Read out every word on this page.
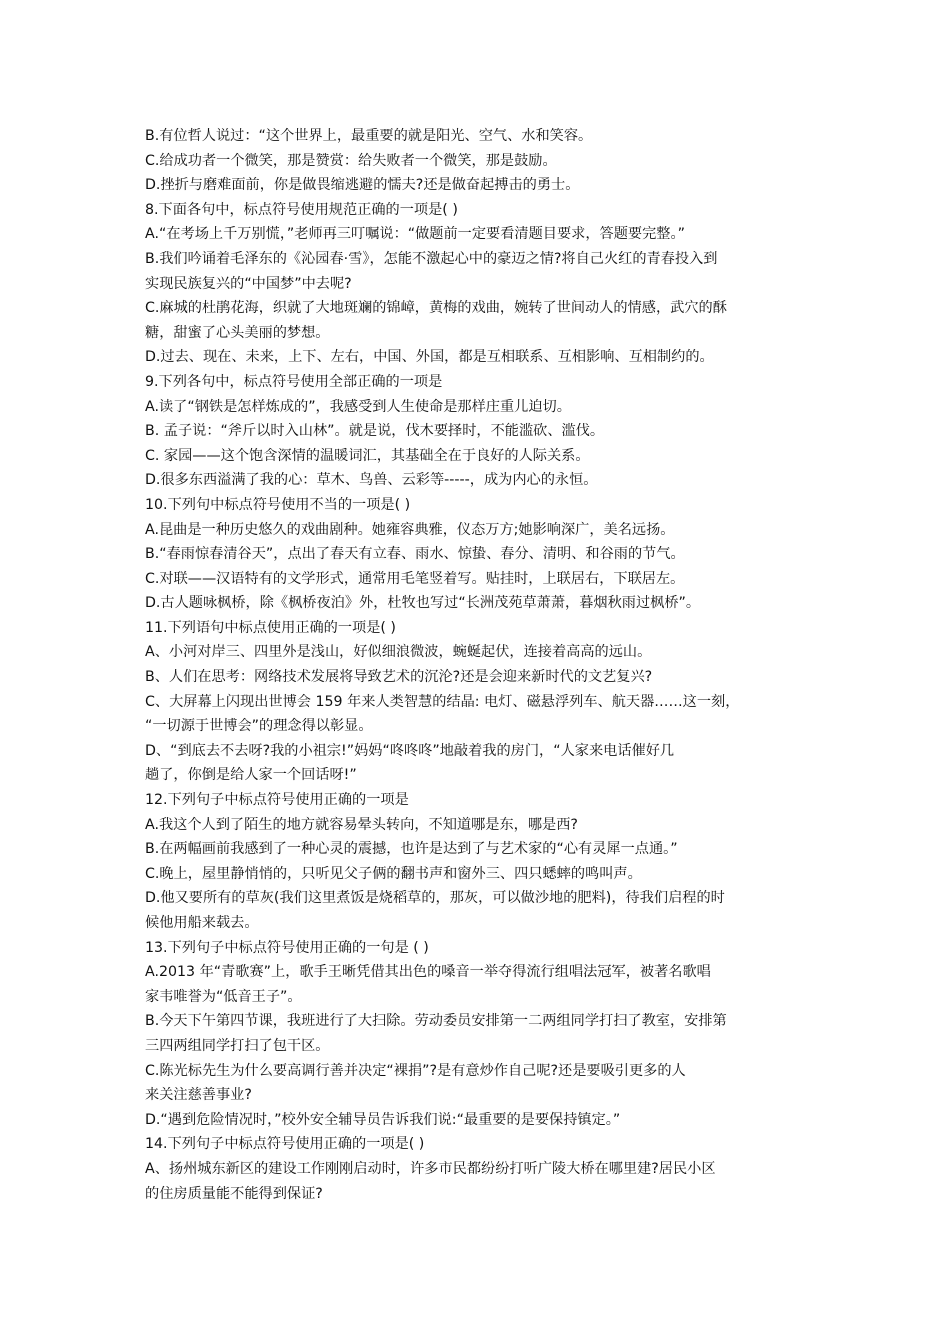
B.有位哲人说过：“这个世界上，最重要的就是阳光、空气、水和笑容。
C.给成功者一个微笑，那是赞赏：给失败者一个微笑，那是鼓励。
D.挫折与磨难面前，你是做畏缩逃避的懦夫?还是做奋起搏击的勇士。
8.下面各句中，标点符号使用规范正确的一项是( )
A.“在考场上千万别慌，”老师再三叮嘱说：“做题前一定要看清题目要求，答题要完整。”
B.我们吟诵着毛泽东的《沁园春·雪》，怎能不激起心中的豪迈之情?将自己火红的青春投入到
实现民族复兴的“中国梦”中去呢?
C.麻城的杜鹃花海，织就了大地斑斓的锦嶂，黄梅的戏曲，婉转了世间动人的情感，武穴的酥
糖，甜蜜了心头美丽的梦想。
D.过去、现在、未来，上下、左右，中国、外国，都是互相联系、互相影响、互相制约的。
9.下列各句中，标点符号使用全部正确的一项是
A.读了“钢铁是怎样炼成的”，我感受到人生使命是那样庄重儿迫切。
B. 孟子说：“斧斤以时入山林”。就是说，伐木要择时，不能滥砍、滥伐。
C. 家园——这个饱含深情的温暖词汇，其基础全在于良好的人际关系。
D.很多东西溢满了我的心：草木、鸟兽、云彩等-----，成为内心的永恒。
10.下列句中标点符号使用不当的一项是( )
A.昆曲是一种历史悠久的戏曲剧种。她雍容典雅，仪态万方;她影响深广，美名远扬。
B.“春雨惊春清谷天”，点出了春天有立春、雨水、惊蛰、春分、清明、和谷雨的节气。
C.对联——汉语特有的文学形式，通常用毛笔竖着写。贴挂时，上联居右，下联居左。
D.古人题咏枫桥，除《枫桥夜泊》外，杜牧也写过“长洲茂苑草萧萧，暮烟秋雨过枫桥”。
11.下列语句中标点使用正确的一项是( )
A、小河对岸三、四里外是浅山，好似细浪微波，蜿蜒起伏，连接着高高的远山。
B、人们在思考：网络技术发展将导致艺术的沉沦?还是会迎来新时代的文艺复兴?
C、大屏幕上闪现出世博会 159 年来人类智慧的结晶: 电灯、磁悬浮列车、航天器……这一刻，
“一切源于世博会”的理念得以彰显。
D、“到底去不去呀?我的小祖宗!”妈妈“咚咚咚”地敲着我的房门，“人家来电话催好几
趟了，你倒是给人家一个回话呀!”
12.下列句子中标点符号使用正确的一项是
A.我这个人到了陌生的地方就容易晕头转向，不知道哪是东，哪是西?
B.在两幅画前我感到了一种心灵的震撼，也许是达到了与艺术家的“心有灵犀一点通。”
C.晚上，屋里静悄悄的，只听见父子俩的翻书声和窗外三、四只蟋蟀的鸣叫声。
D.他又要所有的草灰(我们这里煮饭是烧稻草的，那灰，可以做沙地的肥料)，待我们启程的时
候他用船来载去。
13.下列句子中标点符号使用正确的一句是 ( )
A.2013 年“青歌赛”上，歌手王晰凭借其出色的嗓音一举夺得流行组唱法冠军，被著名歌唱
家韦唯誉为“低音王子”。
B.今天下午第四节课，我班进行了大扫除。劳动委员安排第一二两组同学打扫了教室，安排第
三四两组同学打扫了包干区。
C.陈光标先生为什么要高调行善并决定“裸捐”?是有意炒作自己呢?还是要吸引更多的人
来关注慈善事业?
D.“遇到危险情况时，”校外安全辅导员告诉我们说:“最重要的是要保持镇定。”
14.下列句子中标点符号使用正确的一项是( )
A、扬州城东新区的建设工作刚刚启动时，许多市民都纷纷打听广陵大桥在哪里建?居民小区
的住房质量能不能得到保证?
